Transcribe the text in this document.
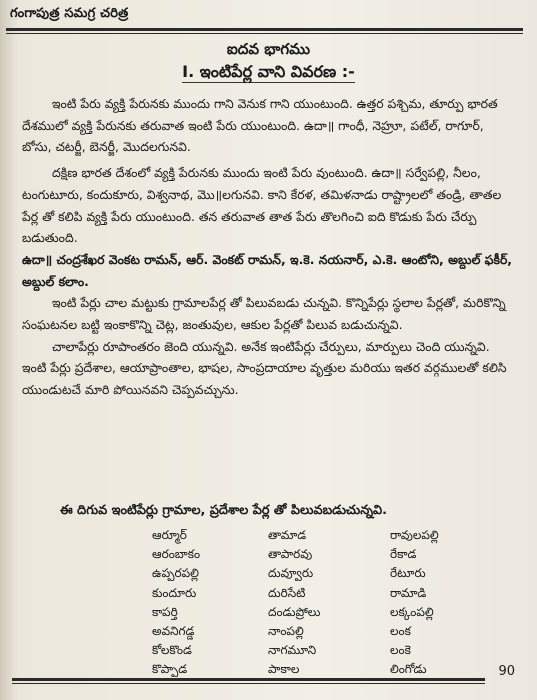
గంగాపుత్ర సమగ్ర చరిత్ర
ఐదవ భాగము
I. ఇంటిపేర్ల వాని వివరణ :-

ఇంటి పేరు వ్యక్తి పేరునకు ముందు గాని వెనుక గాని యుంటుంది. ఉత్తర పశ్చిమ, తూర్పు భారత దేశములో వ్యక్తి పేరునకు తరువాత ఇంటి పేరు యుంటుంది. ఉదా॥ గాంధీ, నెహ్రూ, పటేల్, రాగూర్, బోసు, చటర్జీ, బెనర్జీ, మొదలగునవి.

దక్షిణ భారత దేశంలో వ్యక్తి పేరునకు ముందు ఇంటి పేరు వుంటుంది. ఉదా॥ సర్వేపల్లి, నీలం, టంగుటూరు, కందుకూరు, విశ్వనాథ, మొ॥లగునవి. కాని కేరళ, తమిళనాడు రాష్ట్రాలలో తండ్రి, తాతల పేర్ల తో కలిపి వ్యక్తి పేరు యుంటుంది. తన తరువాత తాత పేరు తొలగించి ఐది కొడుకు పేరు చేర్పు బడుతుంది.

ఉదా॥ చంద్రశేఖర వెంకట రామన్, ఆర్. వెంకట్ రామన్, ఇ.కె. నయనార్, ఎ.కె. ఆంటోని, అబ్దుల్ ఫకీర్, అబ్దుల్ కలాం.

ఇంటి పేర్లు చాల మట్టుకు గ్రామాలపేర్ల తో పిలువబడు చున్నవి. కొన్నిపేర్లు స్థలాల పేర్లతో, మరికొన్ని సంఘటనల బట్టి ఇంకాకొన్ని చెట్ల, జంతువుల, ఆకుల పేర్లతో పిలువ బడుచున్నవి.

చాలాపేర్లు రూపాంతరం జెంది యున్నవి. అనేక ఇంటిపేర్లు చేర్పులు, మార్పులు చెంది యున్నవి. ఇంటి పేర్లు ప్రదేశాల, ఆయాప్రాంతాల, భాషల, సాంప్రదాయాల వృత్తుల మరియు ఇతర వర్గములతో కలిసి యుండుటచే మారి పోయినవని చెప్పవచ్చును.

ఈ దిగువ ఇంటిపేర్లు గ్రామాల, ప్రదేశాల పేర్ల తో పిలువబడుచున్నవి.
ఆర్మూర్
ఆరంబాకం
ఉప్పరపల్లి
కుందూరు
కాపర్తి
అవనిగడ్డ
కోలకొండ
కొప్పాడ
తామాడ
తాపారవు
దువ్వూరు
దురిసేటి
దండుప్రోలు
నాంపల్లి
నాగమూని
పాకాల
రావులపల్లి
రేకాడ
రేటూరు
రామాడి
లక్కంపల్లి
లంక
లంకె
లింగోడు	90
